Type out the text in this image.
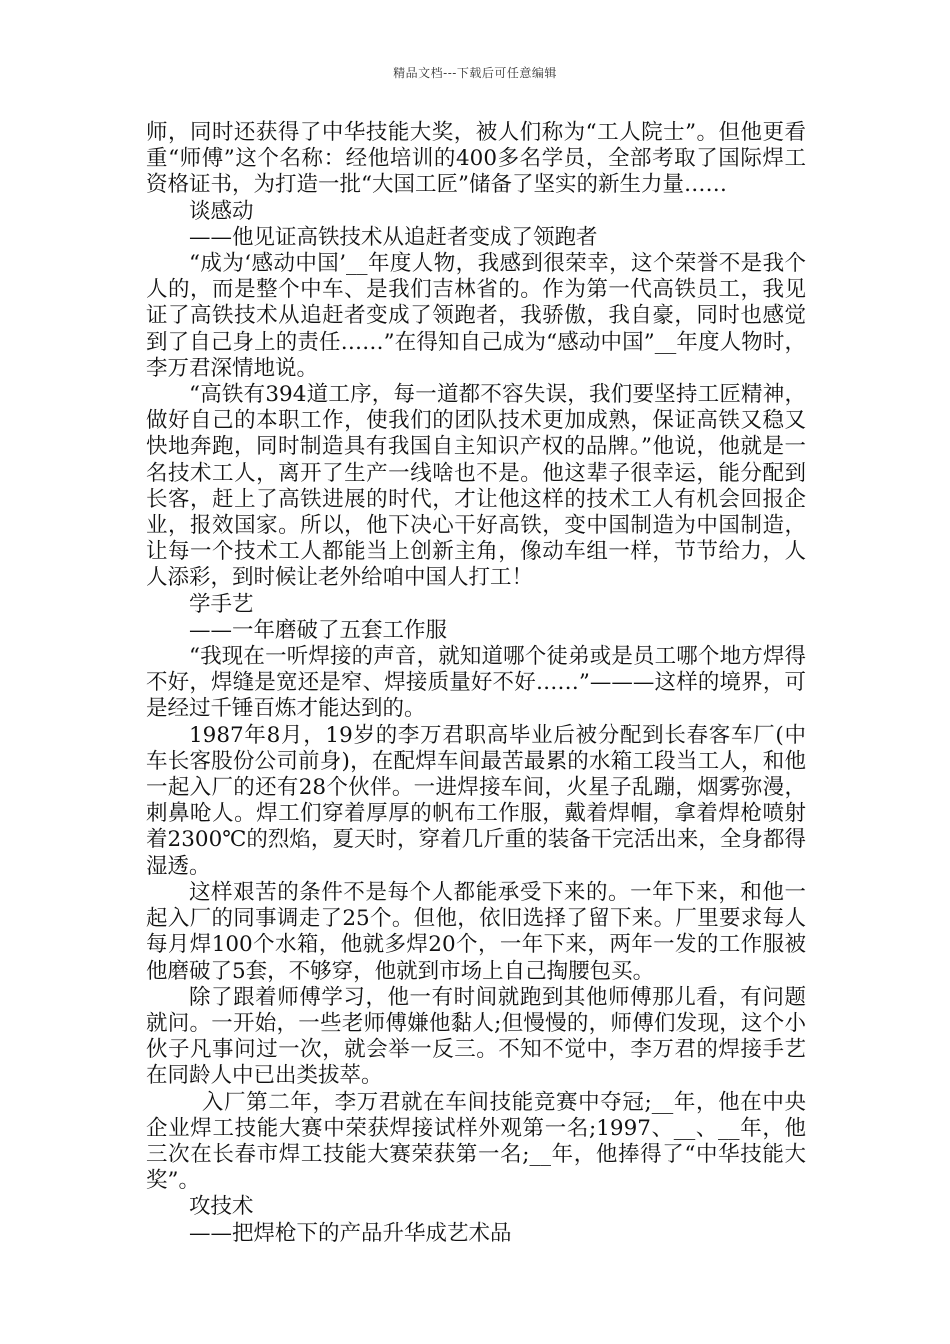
精品文档---下载后可任意编辑

师，同时还获得了中华技能大奖，被人们称为“工人院士”。但他更看重“师傅”这个名称：经他培训的400多名学员，全部考取了国际焊工资格证书，为打造一批“大国工匠”储备了坚实的新生力量……

谈感动

——他见证高铁技术从追赶者变成了领跑者

“成为‘感动中国’__年度人物，我感到很荣幸，这个荣誉不是我个人的，而是整个中车、是我们吉林省的。作为第一代高铁员工，我见证了高铁技术从追赶者变成了领跑者，我骄傲，我自豪，同时也感觉到了自己身上的责任……”在得知自己成为“感动中国”__年度人物时，李万君深情地说。

“高铁有394道工序，每一道都不容失误，我们要坚持工匠精神，做好自己的本职工作，使我们的团队技术更加成熟，保证高铁又稳又快地奔跑，同时制造具有我国自主知识产权的品牌。”他说，他就是一名技术工人，离开了生产一线啥也不是。他这辈子很幸运，能分配到长客，赶上了高铁进展的时代，才让他这样的技术工人有机会回报企业，报效国家。所以，他下决心干好高铁，变中国制造为中国制造，让每一个技术工人都能当上创新主角，像动车组一样，节节给力，人人添彩，到时候让老外给咱中国人打工！

学手艺

——一年磨破了五套工作服

“我现在一听焊接的声音，就知道哪个徒弟或是员工哪个地方焊得不好，焊缝是宽还是窄、焊接质量好不好……”———这样的境界，可是经过千锤百炼才能达到的。

1987年8月，19岁的李万君职高毕业后被分配到长春客车厂(中车长客股份公司前身)，在配焊车间最苦最累的水箱工段当工人，和他一起入厂的还有28个伙伴。一进焊接车间，火星子乱蹦，烟雾弥漫，刺鼻呛人。焊工们穿着厚厚的帆布工作服，戴着焊帽，拿着焊枪喷射着2300℃的烈焰，夏天时，穿着几斤重的装备干完活出来，全身都得湿透。

这样艰苦的条件不是每个人都能承受下来的。一年下来，和他一起入厂的同事调走了25个。但他，依旧选择了留下来。厂里要求每人每月焊100个水箱，他就多焊20个，一年下来，两年一发的工作服被他磨破了5套，不够穿，他就到市场上自己掏腰包买。

除了跟着师傅学习，他一有时间就跑到其他师傅那儿看，有问题就问。一开始，一些老师傅嫌他黏人;但慢慢的，师傅们发现，这个小伙子凡事问过一次，就会举一反三。不知不觉中，李万君的焊接手艺在同龄人中已出类拔萃。

入厂第二年，李万君就在车间技能竞赛中夺冠;__年，他在中央企业焊工技能大赛中荣获焊接试样外观第一名;1997、__、__年，他三次在长春市焊工技能大赛荣获第一名;__年，他捧得了“中华技能大奖”。

攻技术

——把焊枪下的产品升华成艺术品
